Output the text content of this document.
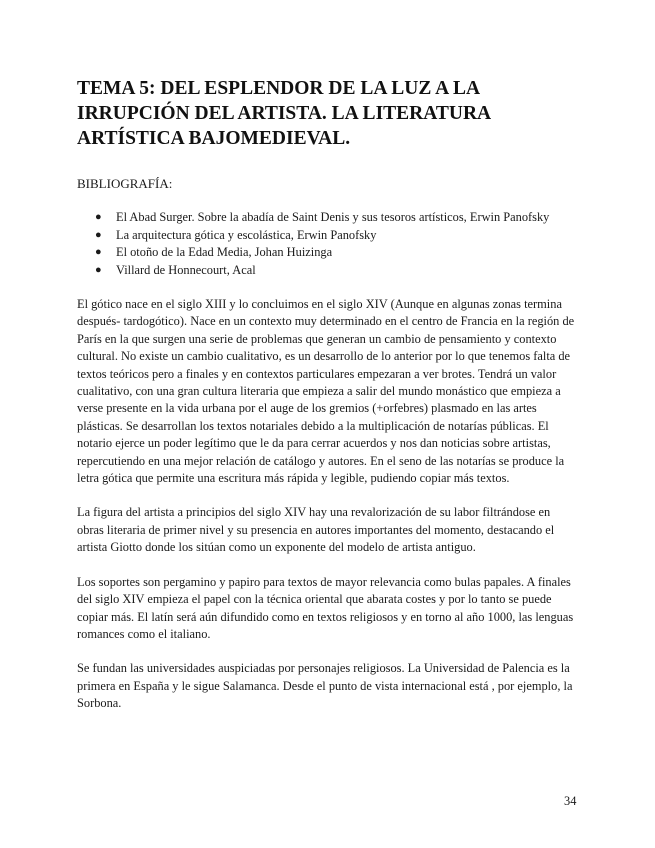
TEMA 5: DEL ESPLENDOR DE LA LUZ A LA IRRUPCIÓN DEL ARTISTA. LA LITERATURA ARTÍSTICA BAJOMEDIEVAL.

BIBLIOGRAFÍA:

● El Abad Surger. Sobre la abadía de Saint Denis y sus tesoros artísticos, Erwin Panofsky
● La arquitectura gótica y escolástica, Erwin Panofsky
● El otoño de la Edad Media, Johan Huizinga
● Villard de Honnecourt, Acal

El gótico nace en el siglo XIII y lo concluimos en el siglo XIV (Aunque en algunas zonas termina después- tardogótico). Nace en un contexto muy determinado en el centro de Francia en la región de París en la que surgen una serie de problemas que generan un cambio de pensamiento y contexto cultural. No existe un cambio cualitativo, es un desarrollo de lo anterior por lo que tenemos falta de textos teóricos pero a finales y en contextos particulares empezaran a ver brotes. Tendrá un valor cualitativo, con una gran cultura literaria que empieza a salir del mundo monástico que empieza a verse presente en la vida urbana por el auge de los gremios (+orfebres) plasmado en las artes plásticas. Se desarrollan los textos notariales debido a la multiplicación de notarías públicas. El notario ejerce un poder legítimo que le da para cerrar acuerdos y nos dan noticias sobre artistas, repercutiendo en una mejor relación de catálogo y autores. En el seno de las notarías se produce la letra gótica que permite una escritura más rápida y legible, pudiendo copiar más textos.

La figura del artista a principios del siglo XIV hay una revalorización de su labor filtrándose en obras literaria de primer nivel y su presencia en autores importantes del momento, destacando el artista Giotto donde los sitúan como un exponente del modelo de artista antiguo.

Los soportes son pergamino y papiro para textos de mayor relevancia como bulas papales. A finales del siglo XIV empieza el papel con la técnica oriental que abarata costes y por lo tanto se puede copiar más. El latín será aún difundido como en textos religiosos y en torno al año 1000, las lenguas romances como el italiano.

Se fundan las universidades auspiciadas por personajes religiosos. La Universidad de Palencia es la primera en España y le sigue Salamanca. Desde el punto de vista internacional está , por ejemplo, la Sorbona.

34
